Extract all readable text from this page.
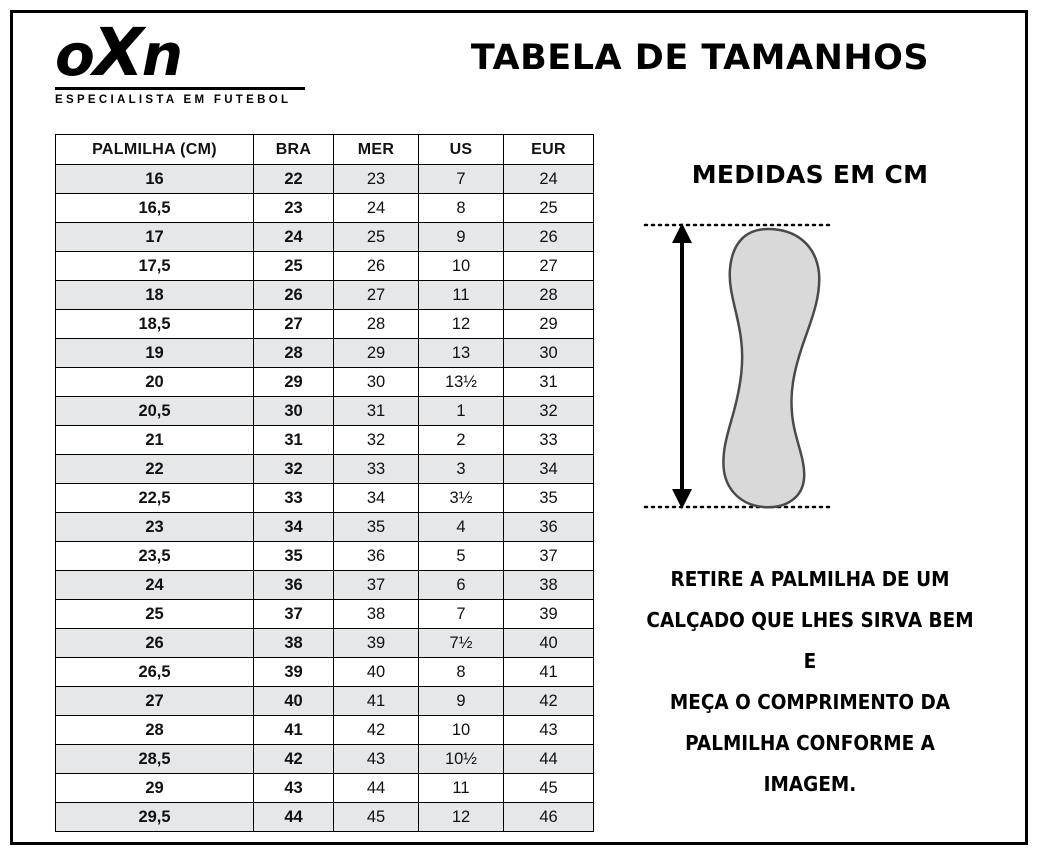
oXn
ESPECIALISTA EM FUTEBOL
TABELA DE TAMANHOS
PALMILHA (CM)	BRA	MER	US	EUR
16	22	23	7	24
16,5	23	24	8	25
17	24	25	9	26
17,5	25	26	10	27
18	26	27	11	28
18,5	27	28	12	29
19	28	29	13	30
20	29	30	13½	31
20,5	30	31	1	32
21	31	32	2	33
22	32	33	3	34
22,5	33	34	3½	35
23	34	35	4	36
23,5	35	36	5	37
24	36	37	6	38
25	37	38	7	39
26	38	39	7½	40
26,5	39	40	8	41
27	40	41	9	42
28	41	42	10	43
28,5	42	43	10½	44
29	43	44	11	45
29,5	44	45	12	46
MEDIDAS EM CM
RETIRE A PALMILHA DE UM
CALÇADO QUE LHES SIRVA BEM E
MEÇA O COMPRIMENTO DA
PALMILHA CONFORME A IMAGEM.
